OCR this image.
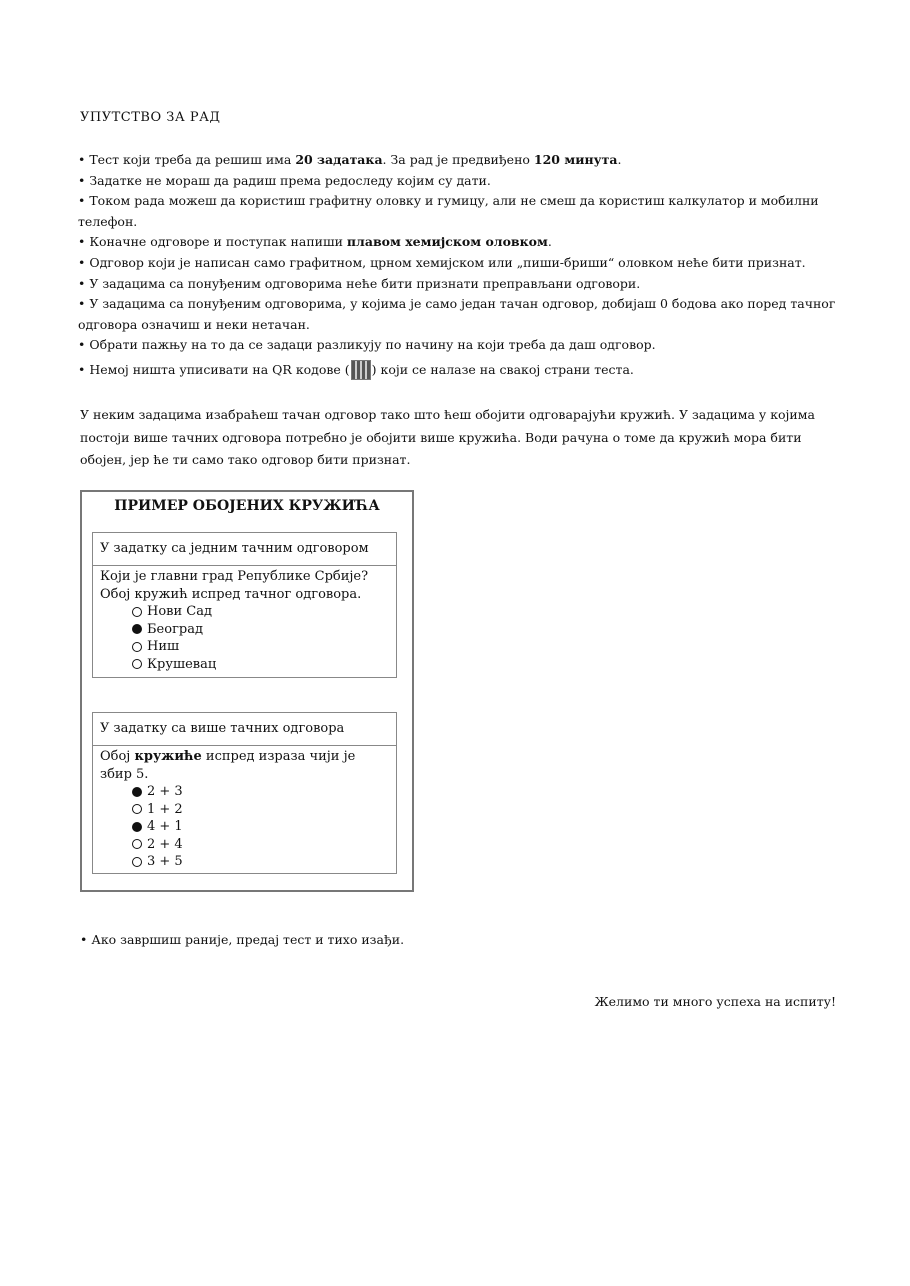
УПУТСТВО ЗА РАД

• Тест који треба да решиш има 20 задатака. За рад је предвиђено 120 минута.

• Задатке не мораш да радиш према редоследу којим су дати.

• Током рада можеш да користиш графитну оловку и гумицу, али не смеш да користиш калкулатор и мобилни телефон.

• Коначне одговоре и поступак напиши плавом хемијском оловком.

• Одговор који је написан само графитном, црном хемијском или „пиши-бриши“ оловком неће бити признат.

• У задацима са понуђеним одговорима неће бити признати преправљани одговори.

• У задацима са понуђеним одговорима, у којима је само један тачан одговор, добијаш 0 бодова ако поред тачног одговора означиш и неки нетачан.

• Обрати пажњу на то да се задаци разликују по начину на који треба да даш одговор.

• Немој ништа уписивати на QR кодове ( ) који се налазе на свакој страни теста.

У неким задацима изабраћеш тачан одговор тако што ћеш обојити одговарајући кружић. У задацима у којима постоји више тачних одговора потребно је обојити више кружића. Води рачуна о томе да кружић мора бити обојен, јер ће ти само тако одговор бити признат.
ПРИМЕР ОБОЈЕНИХ КРУЖИЋА
У задатку са једним тачним одговором
Који је главни град Републике Србије?
Обој кружић испред тачног одговора.
Нови Сад
Београд
Ниш
Крушевац
У задатку са више тачних одговора
Обој кружиће испред израза чији је збир 5.
2 + 3
1 + 2
4 + 1
2 + 4
3 + 5
• Ако завршиш раније, предај тест и тихо изађи.
Желимо ти много успеха на испиту!
